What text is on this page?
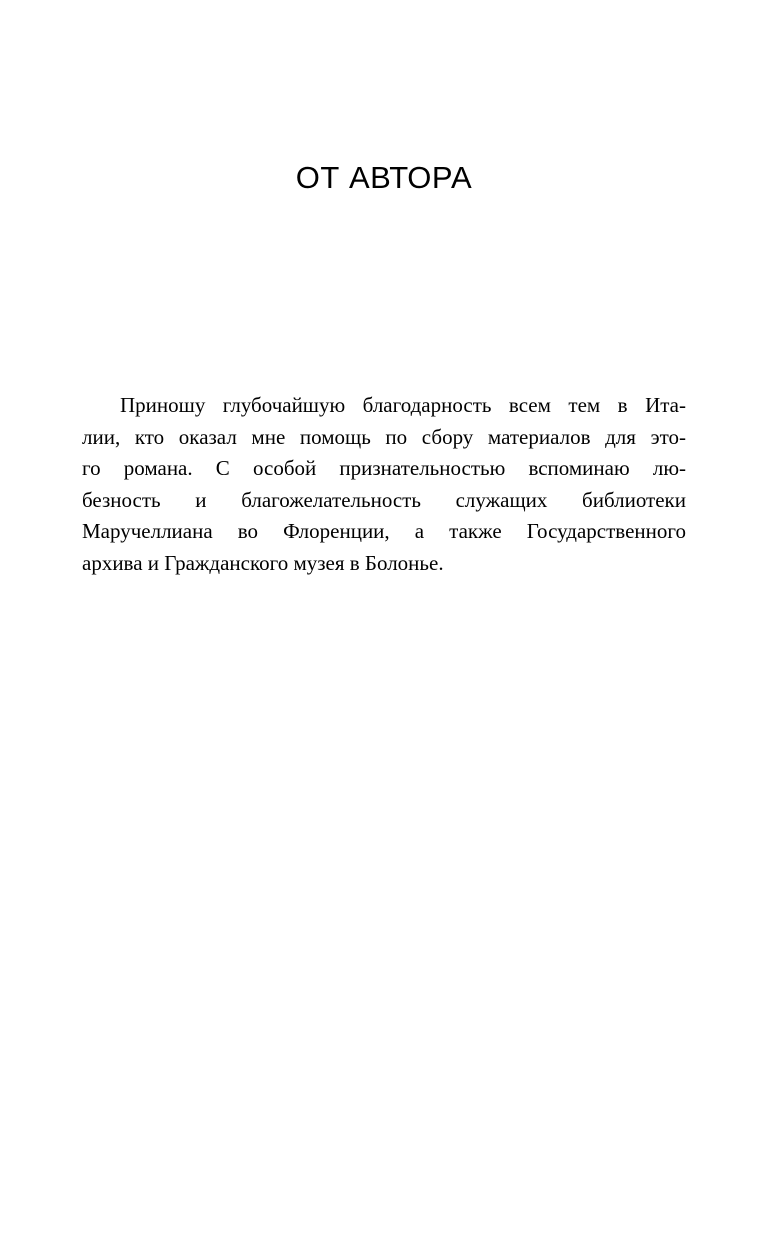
ОТ АВТОРА
Приношу глубочайшую благодарность всем тем в Ита-
лии, кто оказал мне помощь по сбору материалов для это-
го романа. С особой признательностью вспоминаю лю-
безность и благожелательность служащих библиотеки
Маручеллиана во Флоренции, а также Государственного
архива и Гражданского музея в Болонье.
